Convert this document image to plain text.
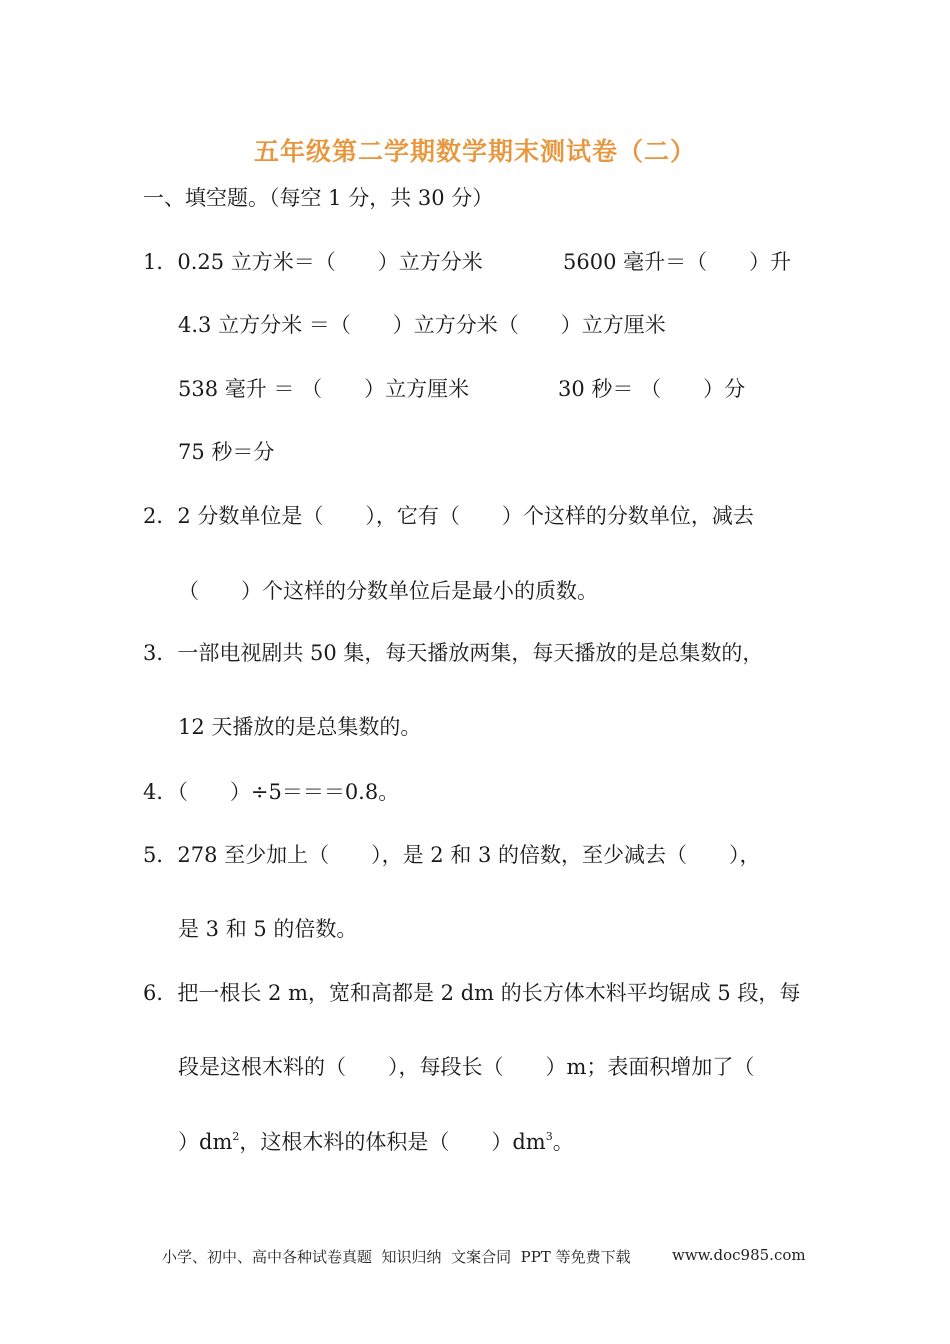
五年级第二学期数学期末测试卷（二）
一、填空题。（每空 1 分，共 30 分）
1．0.25 立方米＝（　　）立方分米	5600 毫升＝（　　）升
4.3 立方分米 ＝（　　）立方分米（　　）立方厘米
538 毫升 ＝ （　　）立方厘米	30 秒＝ （　　）分
75 秒＝分
2．2 分数单位是（　　），它有（　　）个这样的分数单位，减去
（　　）个这样的分数单位后是最小的质数。
3．一部电视剧共 50 集，每天播放两集，每天播放的是总集数的，
12 天播放的是总集数的。
4．（　　）÷5＝＝＝0.8。
5．278 至少加上（　　），是 2 和 3 的倍数，至少减去（　　），
是 3 和 5 的倍数。
6．把一根长 2 m，宽和高都是 2 dm 的长方体木料平均锯成 5 段，每
段是这根木料的（　　），每段长（　　）m；表面积增加了（
）$dm^2$，这根木料的体积是（　　）$dm^3$。
小学、初中、高中各种试卷真题  知识归纳  文案合同  PPT 等免费下载	www.doc985.com
